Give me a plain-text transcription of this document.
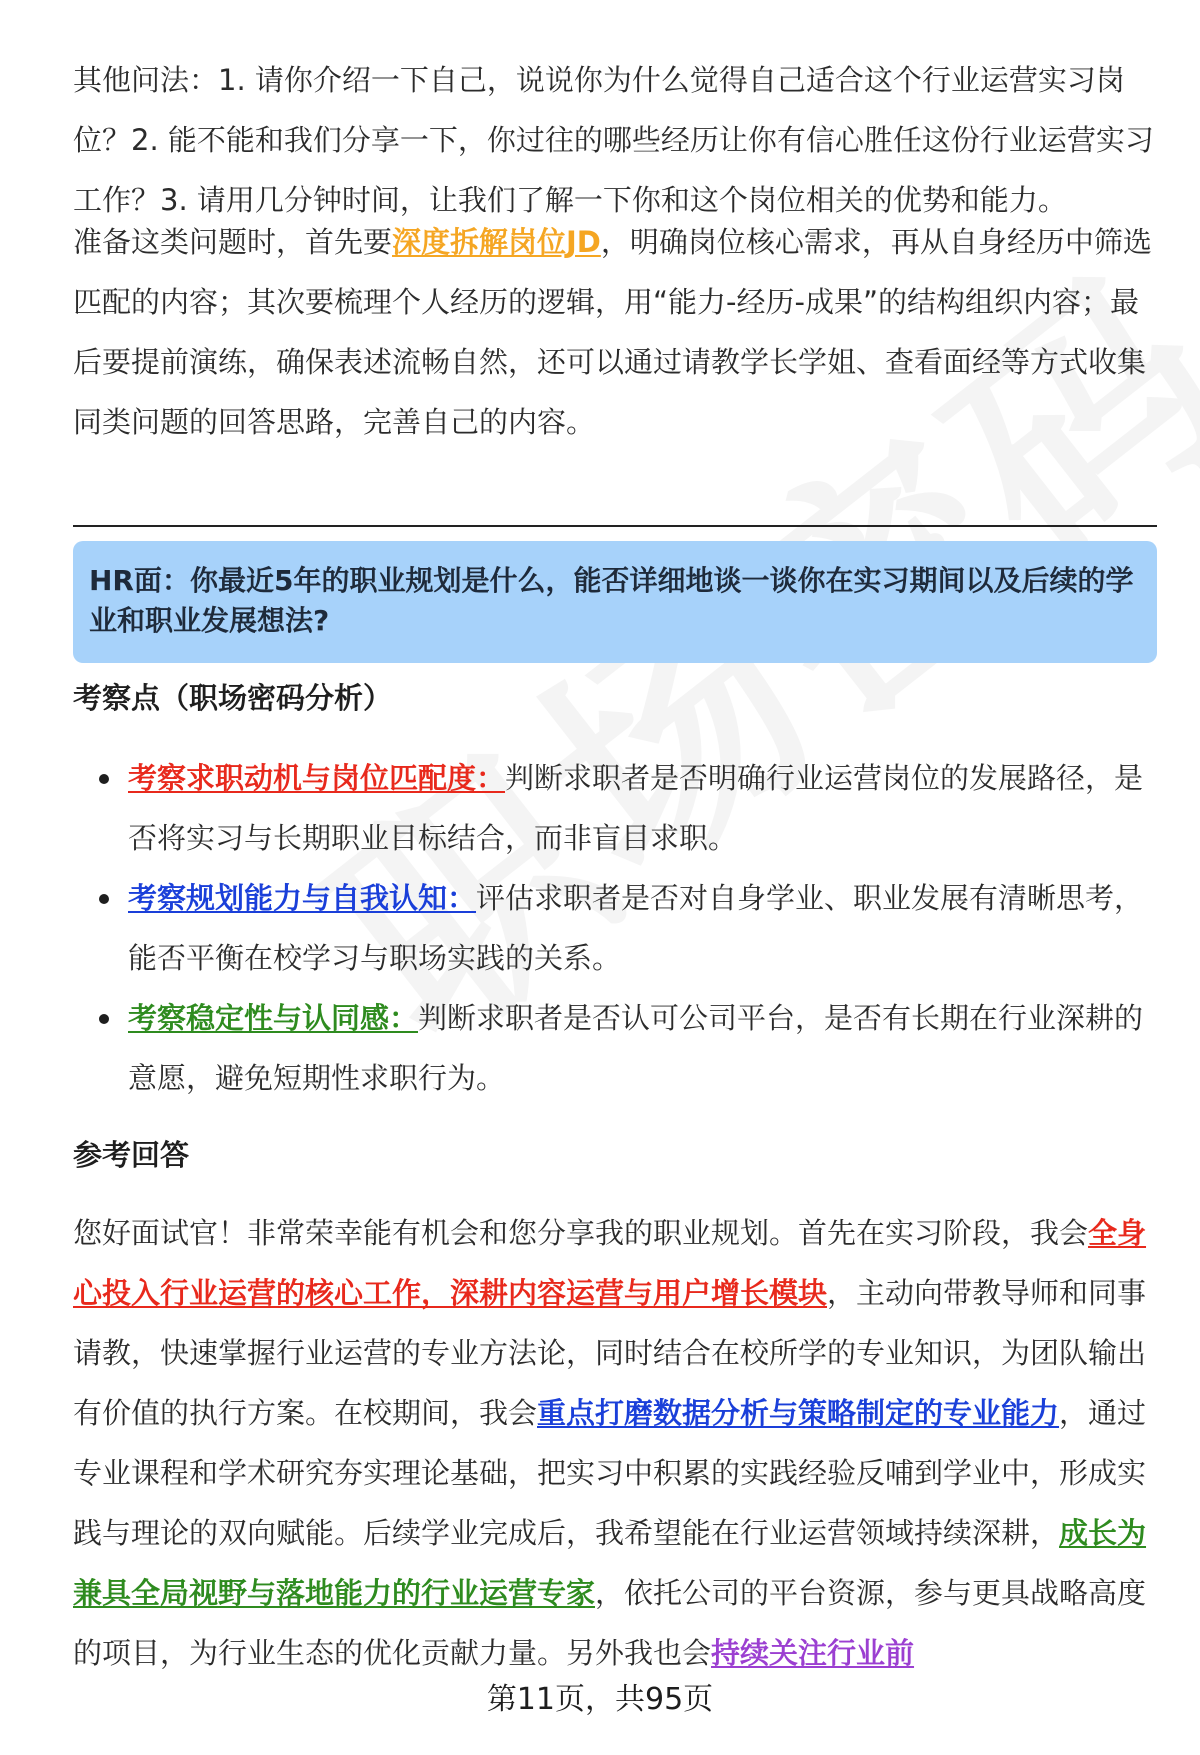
其他问法：1. 请你介绍一下自己，说说你为什么觉得自己适合这个行业运营实习岗位？2. 能不能和我们分享一下，你过往的哪些经历让你有信心胜任这份行业运营实习工作？3. 请用几分钟时间，让我们了解一下你和这个岗位相关的优势和能力。

准备这类问题时，首先要深度拆解岗位JD，明确岗位核心需求，再从自身经历中筛选匹配的内容；其次要梳理个人经历的逻辑，用“能力-经历-成果”的结构组织内容；最后要提前演练，确保表述流畅自然，还可以通过请教学长学姐、查看面经等方式收集同类问题的回答思路，完善自己的内容。

HR面：你最近5年的职业规划是什么，能否详细地谈一谈你在实习期间以及后续的学业和职业发展想法?

考察点（职场密码分析）

考察求职动机与岗位匹配度：判断求职者是否明确行业运营岗位的发展路径，是否将实习与长期职业目标结合，而非盲目求职。
考察规划能力与自我认知：评估求职者是否对自身学业、职业发展有清晰思考，能否平衡在校学习与职场实践的关系。
考察稳定性与认同感：判断求职者是否认可公司平台，是否有长期在行业深耕的意愿，避免短期性求职行为。

参考回答

您好面试官！非常荣幸能有机会和您分享我的职业规划。首先在实习阶段，我会全身心投入行业运营的核心工作，深耕内容运营与用户增长模块，主动向带教导师和同事请教，快速掌握行业运营的专业方法论，同时结合在校所学的专业知识，为团队输出有价值的执行方案。在校期间，我会重点打磨数据分析与策略制定的专业能力，通过专业课程和学术研究夯实理论基础，把实习中积累的实践经验反哺到学业中，形成实践与理论的双向赋能。后续学业完成后，我希望能在行业运营领域持续深耕，成长为兼具全局视野与落地能力的行业运营专家，依托公司的平台资源，参与更具战略高度的项目，为行业生态的优化贡献力量。另外我也会持续关注行业前

第11页，共95页
